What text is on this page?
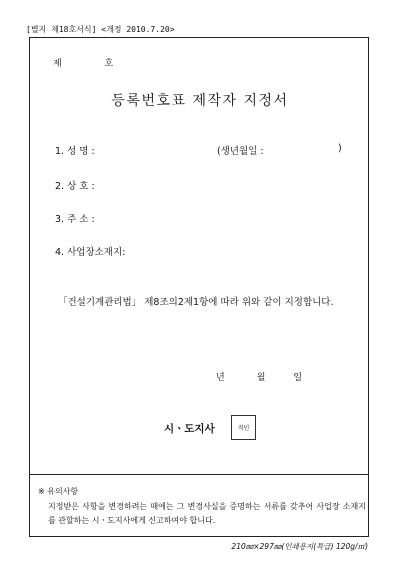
[별지 제18호서식] <개정 2010.7.20>
제 호
등록번호표 제작자 지정서
1. 성 명 :	(생년월일 :	)
2. 상 호 :
3. 주 소 :
4. 사업장소재지:
「건설기계관리법」 제8조의2제1항에 따라 위와 같이 지정합니다.
년	월	일
시ㆍ도지사	직인
※ 유의사항
지정받은 사항을 변경하려는 때에는 그 변경사실을 증명하는 서류를 갖추어 사업장 소재지를 관할하는 시ㆍ도지사에게 신고하여야 합니다.
210㎜×297㎜(인쇄용지(특급) 120g/㎡)
